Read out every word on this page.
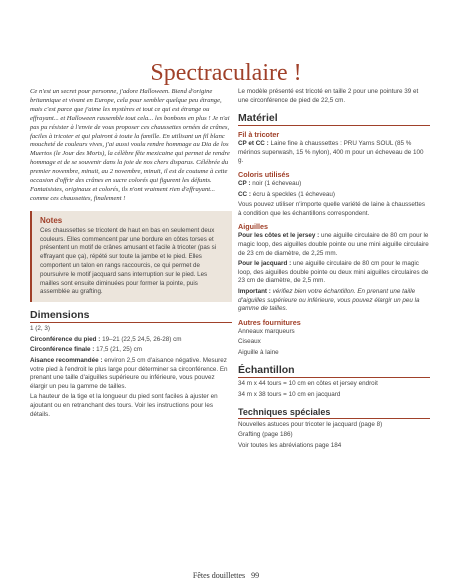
Spectraculaire !
Ce n'est un secret pour personne, j'adore Halloween. Biend d'origine britannique et vivant en Europe, cela pour sembler quelque peu étrange, mais c'est parce que j'aime les mystères et tout ce qui est étrange ou effrayant... et Halloween rassemble tout cela... les bonbons en plus ! Je n'ai pas pu résister à l'envie de vous proposer ces chaussettes ornées de crânes, faciles à tricoter et qui plairont à toute la famille. En utilisant un fil blanc moucheté de couleurs vives, j'ai aussi voulu rendre hommage au Dia de los Muertos (le Jour des Morts), la célèbre fête mexicaine qui permet de rendre hommage et de se souvenir dans la joie de nos chers disparus. Célébrée du premier novembre, minuit, au 2 novembre, minuit, il est de coutume à cette occasion d'offrir des crânes en sucre colorés qui figurent les défunts. Fantaisistes, originaux et colorés, ils n'ont vraiment rien d'effrayant... comme ces chaussettes, finalement !
Notes
Ces chaussettes se tricotent de haut en bas en seulement deux couleurs. Elles commencent par une bordure en côtes torses et présentent un motif de crânes amusant et facile à tricoter (pas si effrayant que ça), répété sur toute la jambe et le pied. Elles comportent un talon en rangs raccourcis, ce qui permet de poursuivre le motif jacquard sans interruption sur le pied. Les mailles sont ensuite diminuées pour former la pointe, puis assemblée au grafting.
Dimensions

1 (2, 3)

Circonférence du pied : 19–21 (22,5 24,5, 26-28) cm

Circonférence finale : 17,5 (21, 25) cm

Aisance recommandée : environ 2,5 cm d'aisance négative. Mesurez votre pied à l'endroit le plus large pour déterminer sa circonférence. En prenant une taille d'aiguilles supérieure ou inférieure, vous pouvez élargir un peu la gamme de tailles.

La hauteur de la tige et la longueur du pied sont faciles à ajuster en ajoutant ou en retranchant des tours. Voir les instructions pour les détails.

Le modèle présenté est tricoté en taille 2 pour une pointure 39 et une circonférence de pied de 22,5 cm.

Matériel
Fil à tricoter

CP et CC : Laine fine à chaussettes : PRU Yarns SOUL (85 % mérinos superwash, 15 % nylon), 400 m pour un écheveau de 100 g.

Coloris utilisés

CP : noir (1 écheveau)

CC : écru à speckles (1 écheveau)

Vous pouvez utiliser n'importe quelle variété de laine à chaussettes à condition que les échantillons correspondent.

Aiguilles

Pour les côtes et le jersey : une aiguille circulaire de 80 cm pour le magic loop, des aiguilles double pointe ou une mini aiguille circulaire de 23 cm de diamètre, de 2,25 mm.

Pour le jacquard : une aiguille circulaire de 80 cm pour le magic loop, des aiguilles double pointe ou deux mini aiguilles circulaires de 23 cm de diamètre, de 2,5 mm.

Important : vérifiez bien votre échantillon. En prenant une taille d'aiguilles supérieure ou inférieure, vous pouvez élargir un peu la gamme de tailles.

Autres fournitures

Anneaux marqueurs

Ciseaux

Aiguille à laine

Échantillon

34 m x 44 tours = 10 cm en côtes et jersey endroit

34 m x 38 tours = 10 cm en jacquard

Techniques spéciales

Nouvelles astuces pour tricoter le jacquard (page 8)

Grafting (page 186)

Voir toutes les abréviations page 184

Fêtes douillettes 99
